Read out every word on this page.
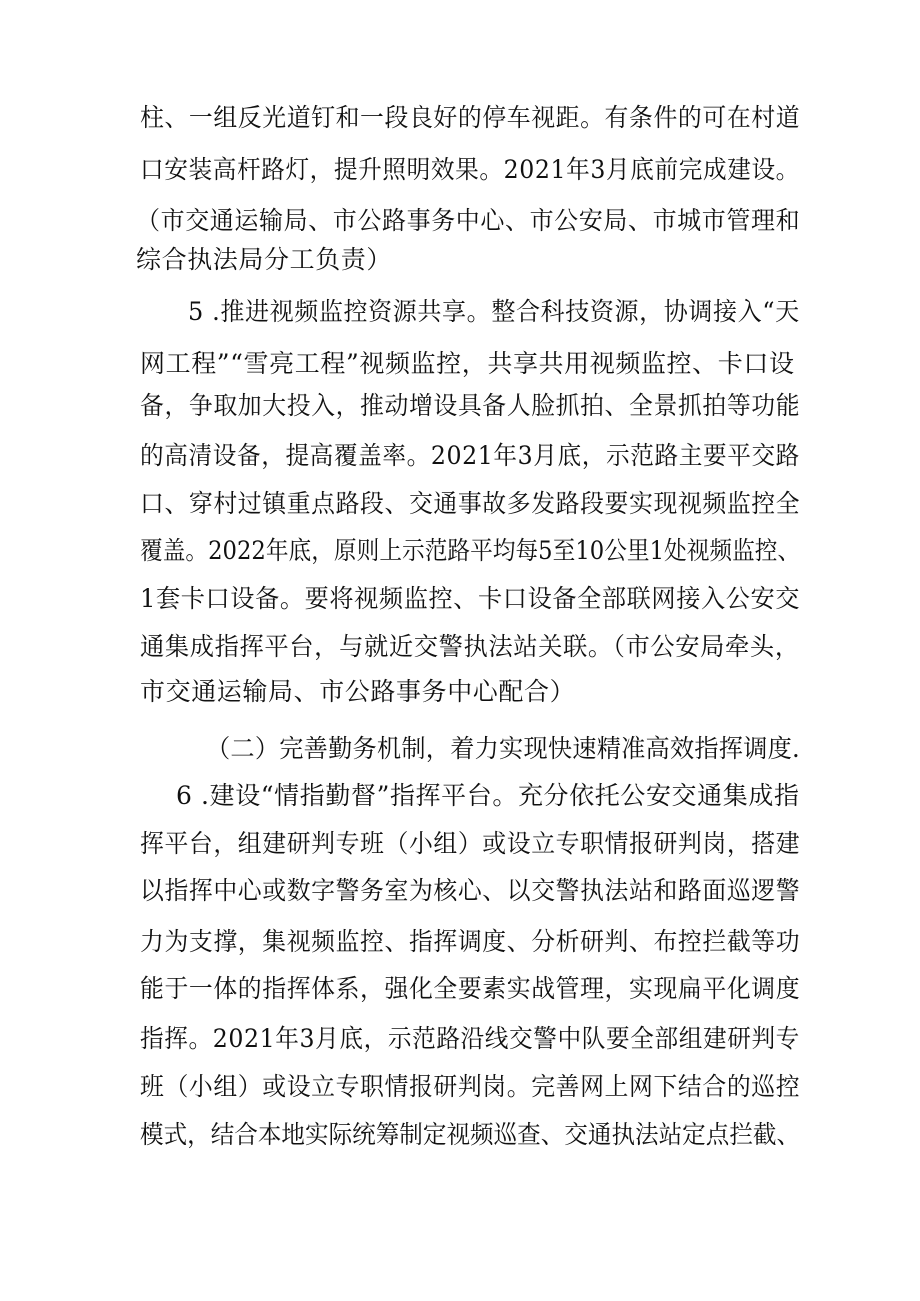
柱、一组反光道钉和一段良好的停车视距。有条件的可在村道
口安装高杆路灯，提升照明效果。2021年3月底前完成建设。
（市交通运输局、市公路事务中心、市公安局、市城市管理和
综合执法局分工负责）
5 .推进视频监控资源共享。整合科技资源，协调接入“天
网工程”“雪亮工程”视频监控，共享共用视频监控、卡口设
备，争取加大投入，推动增设具备人脸抓拍、全景抓拍等功能
的高清设备，提高覆盖率。2021年3月底，示范路主要平交路
口、穿村过镇重点路段、交通事故多发路段要实现视频监控全
覆盖。2022年底，原则上示范路平均每5至10公里1处视频监控、
1套卡口设备。要将视频监控、卡口设备全部联网接入公安交
通集成指挥平台，与就近交警执法站关联。（市公安局牵头，
市交通运输局、市公路事务中心配合）
（二）完善勤务机制，着力实现快速精准高效指挥调度.
6 .建设“情指勤督”指挥平台。充分依托公安交通集成指
挥平台，组建研判专班（小组）或设立专职情报研判岗，搭建
以指挥中心或数字警务室为核心、以交警执法站和路面巡逻警
力为支撑，集视频监控、指挥调度、分析研判、布控拦截等功
能于一体的指挥体系，强化全要素实战管理，实现扁平化调度
指挥。2021年3月底，示范路沿线交警中队要全部组建研判专
班（小组）或设立专职情报研判岗。完善网上网下结合的巡控
模式，结合本地实际统筹制定视频巡查、交通执法站定点拦截、
